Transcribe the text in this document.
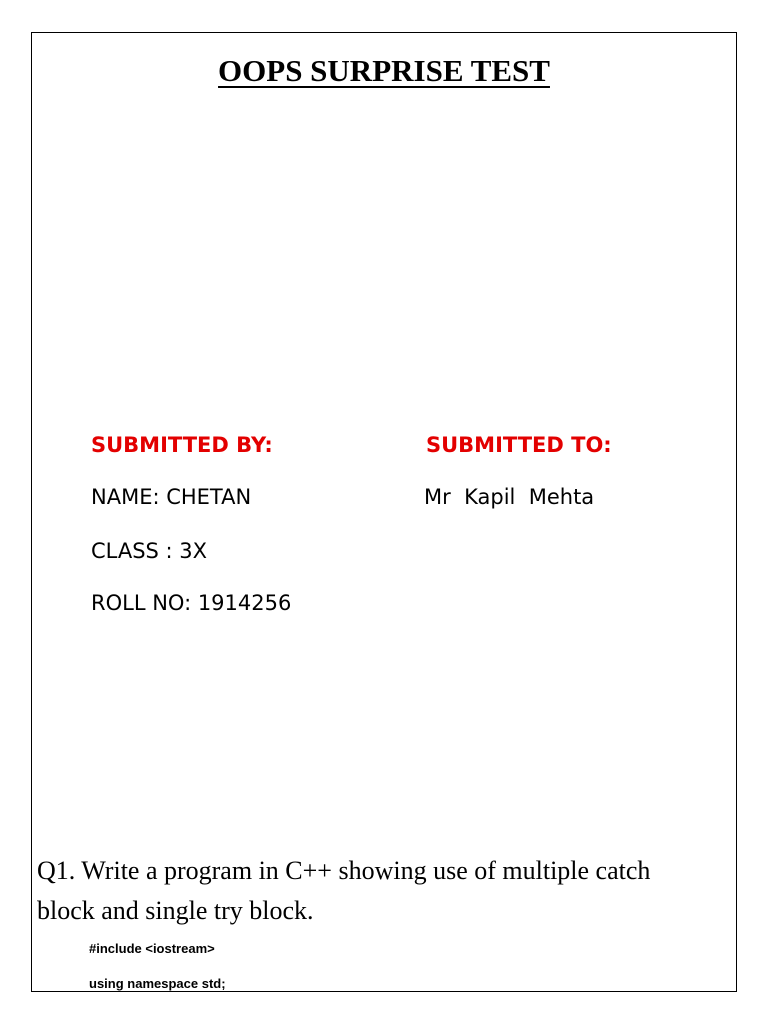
OOPS SURPRISE TEST
SUBMITTED BY:	SUBMITTED TO:
NAME: CHETAN	Mr  Kapil  Mehta
CLASS : 3X
ROLL NO: 1914256
Q1. Write a program in C++ showing use of multiple catch block and single try block.
#include <iostream>
using namespace std;
